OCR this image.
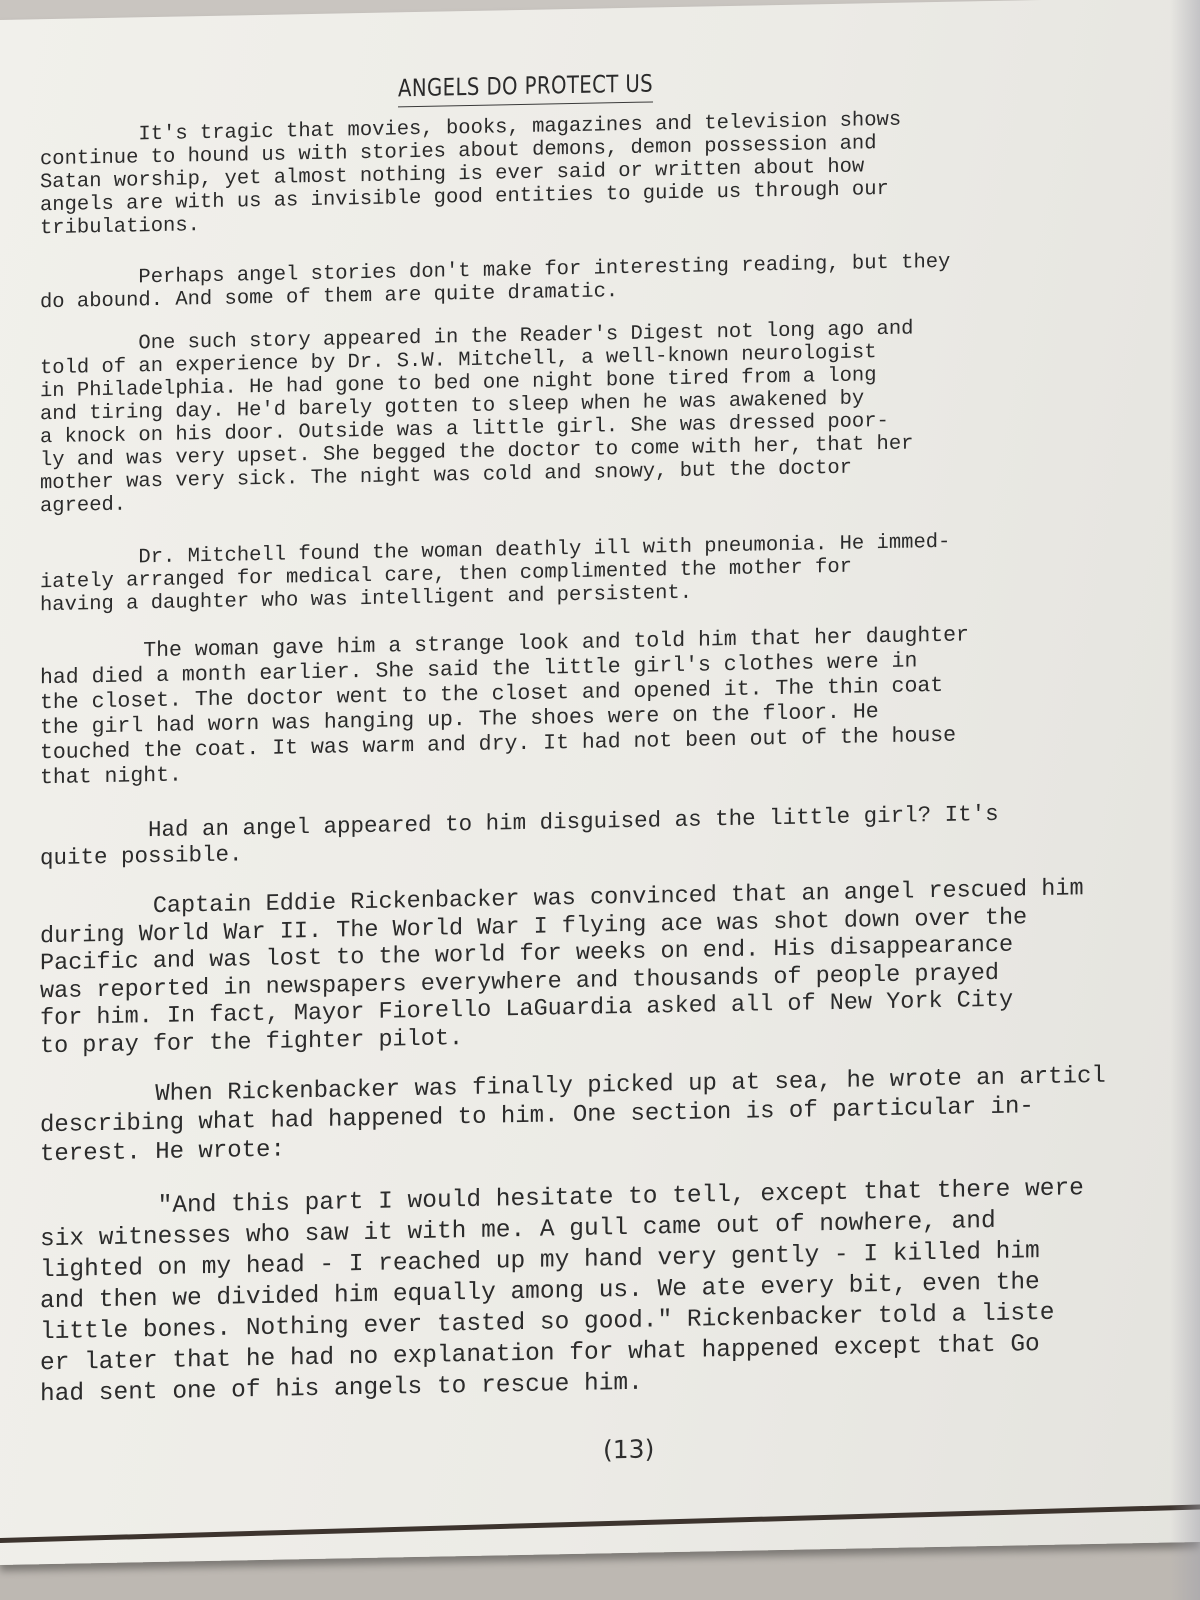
ANGELS DO PROTECT US

It's tragic that movies, books, magazines and television shows
continue to hound us with stories about demons, demon possession and
Satan worship, yet almost nothing is ever said or written about how
angels are with us as invisible good entities to guide us through our
tribulations.

Perhaps angel stories don't make for interesting reading, but they
do abound. And some of them are quite dramatic.

One such story appeared in the Reader's Digest not long ago and
told of an experience by Dr. S.W. Mitchell, a well-known neurologist
in Philadelphia. He had gone to bed one night bone tired from a long
and tiring day. He'd barely gotten to sleep when he was awakened by
a knock on his door. Outside was a little girl. She was dressed poor-
ly and was very upset. She begged the doctor to come with her, that her
mother was very sick. The night was cold and snowy, but the doctor
agreed.

Dr. Mitchell found the woman deathly ill with pneumonia. He immed-
iately arranged for medical care, then complimented the mother for
having a daughter who was intelligent and persistent.

The woman gave him a strange look and told him that her daughter
had died a month earlier. She said the little girl's clothes were in
the closet. The doctor went to the closet and opened it. The thin coat
the girl had worn was hanging up. The shoes were on the floor. He
touched the coat. It was warm and dry. It had not been out of the house
that night.

Had an angel appeared to him disguised as the little girl? It's
quite possible.

Captain Eddie Rickenbacker was convinced that an angel rescued him
during World War II. The World War I flying ace was shot down over the
Pacific and was lost to the world for weeks on end. His disappearance
was reported in newspapers everywhere and thousands of people prayed
for him. In fact, Mayor Fiorello LaGuardia asked all of New York City
to pray for the fighter pilot.

When Rickenbacker was finally picked up at sea, he wrote an articl
describing what had happened to him. One section is of particular in-
terest. He wrote:

"And this part I would hesitate to tell, except that there were
six witnesses who saw it with me. A gull came out of nowhere, and
lighted on my head - I reached up my hand very gently - I killed him
and then we divided him equally among us. We ate every bit, even the
little bones. Nothing ever tasted so good." Rickenbacker told a liste
er later that he had no explanation for what happened except that Go
had sent one of his angels to rescue him.

(13)
